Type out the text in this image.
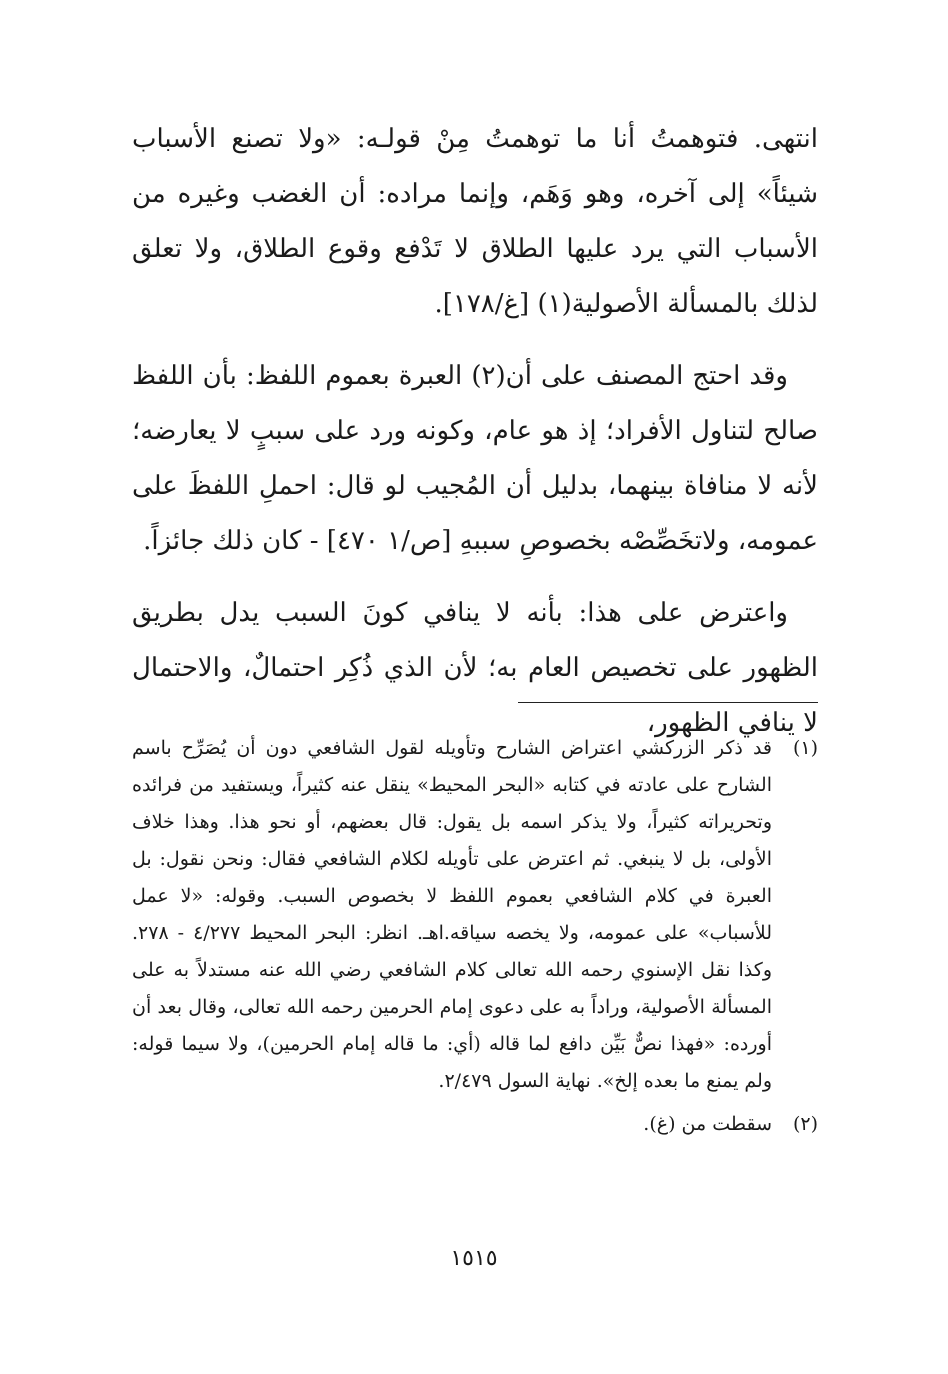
انتهى. فتوهمتُ أنا ما توهمتُ مِنْ قولـه: «ولا تصنع الأسباب شيئاً» إلى آخره، وهو وَهَم، وإنما مراده: أن الغضب وغيره من الأسباب التي يرد عليها الطلاق لا تَدْفع وقوع الطلاق، ولا تعلق لذلك بالمسألة الأصولية(١) [غ/١٧٨].

وقد احتج المصنف على أن(٢) العبرة بعموم اللفظ: بأن اللفظ صالح لتناول الأفراد؛ إذ هو عام، وكونه ورد على سببٍ لا يعارضه؛ لأنه لا منافاة بينهما، بدليل أن المُجيب لو قال: احملِ اللفظَ على عمومه، ولاتخَصِّصْه بخصوصِ سببهِ [ص/١ ٤٧٠] - كان ذلك جائزاً.

واعترض على هذا: بأنه لا ينافي كونَ السبب يدل بطريق الظهور على تخصيص العام به؛ لأن الذي ذُكِر احتمالٌ، والاحتمال لا ينافي الظهور،

(١)
قد ذكر الزركشي اعتراض الشارح وتأويله لقول الشافعي دون أن يُصَرِّح باسم الشارح على عادته في كتابه «البحر المحيط» ينقل عنه كثيراً، ويستفيد من فرائده وتحريراته كثيراً، ولا يذكر اسمه بل يقول: قال بعضهم، أو نحو هذا. وهذا خلاف الأولى، بل لا ينبغي. ثم اعترض على تأويله لكلام الشافعي فقال: ونحن نقول: بل العبرة في كلام الشافعي بعموم اللفظ لا بخصوص السبب. وقوله: «لا عمل للأسباب» على عمومه، ولا يخصه سياقه.اهـ. انظر: البحر المحيط ٤/٢٧٧ - ٢٧٨. وكذا نقل الإسنوي رحمه الله تعالى كلام الشافعي رضي الله عنه مستدلاً به على المسألة الأصولية، وراداً به على دعوى إمام الحرمين رحمه الله تعالى، وقال بعد أن أورده: «فهذا نصٌّ بَيِّن دافع لما قاله (أي: ما قاله إمام الحرمين)، ولا سيما قوله: ولم يمنع ما بعده إلخ». نهاية السول ٢/٤٧٩.
(٢)
سقطت من (غ).
١٥١٥
